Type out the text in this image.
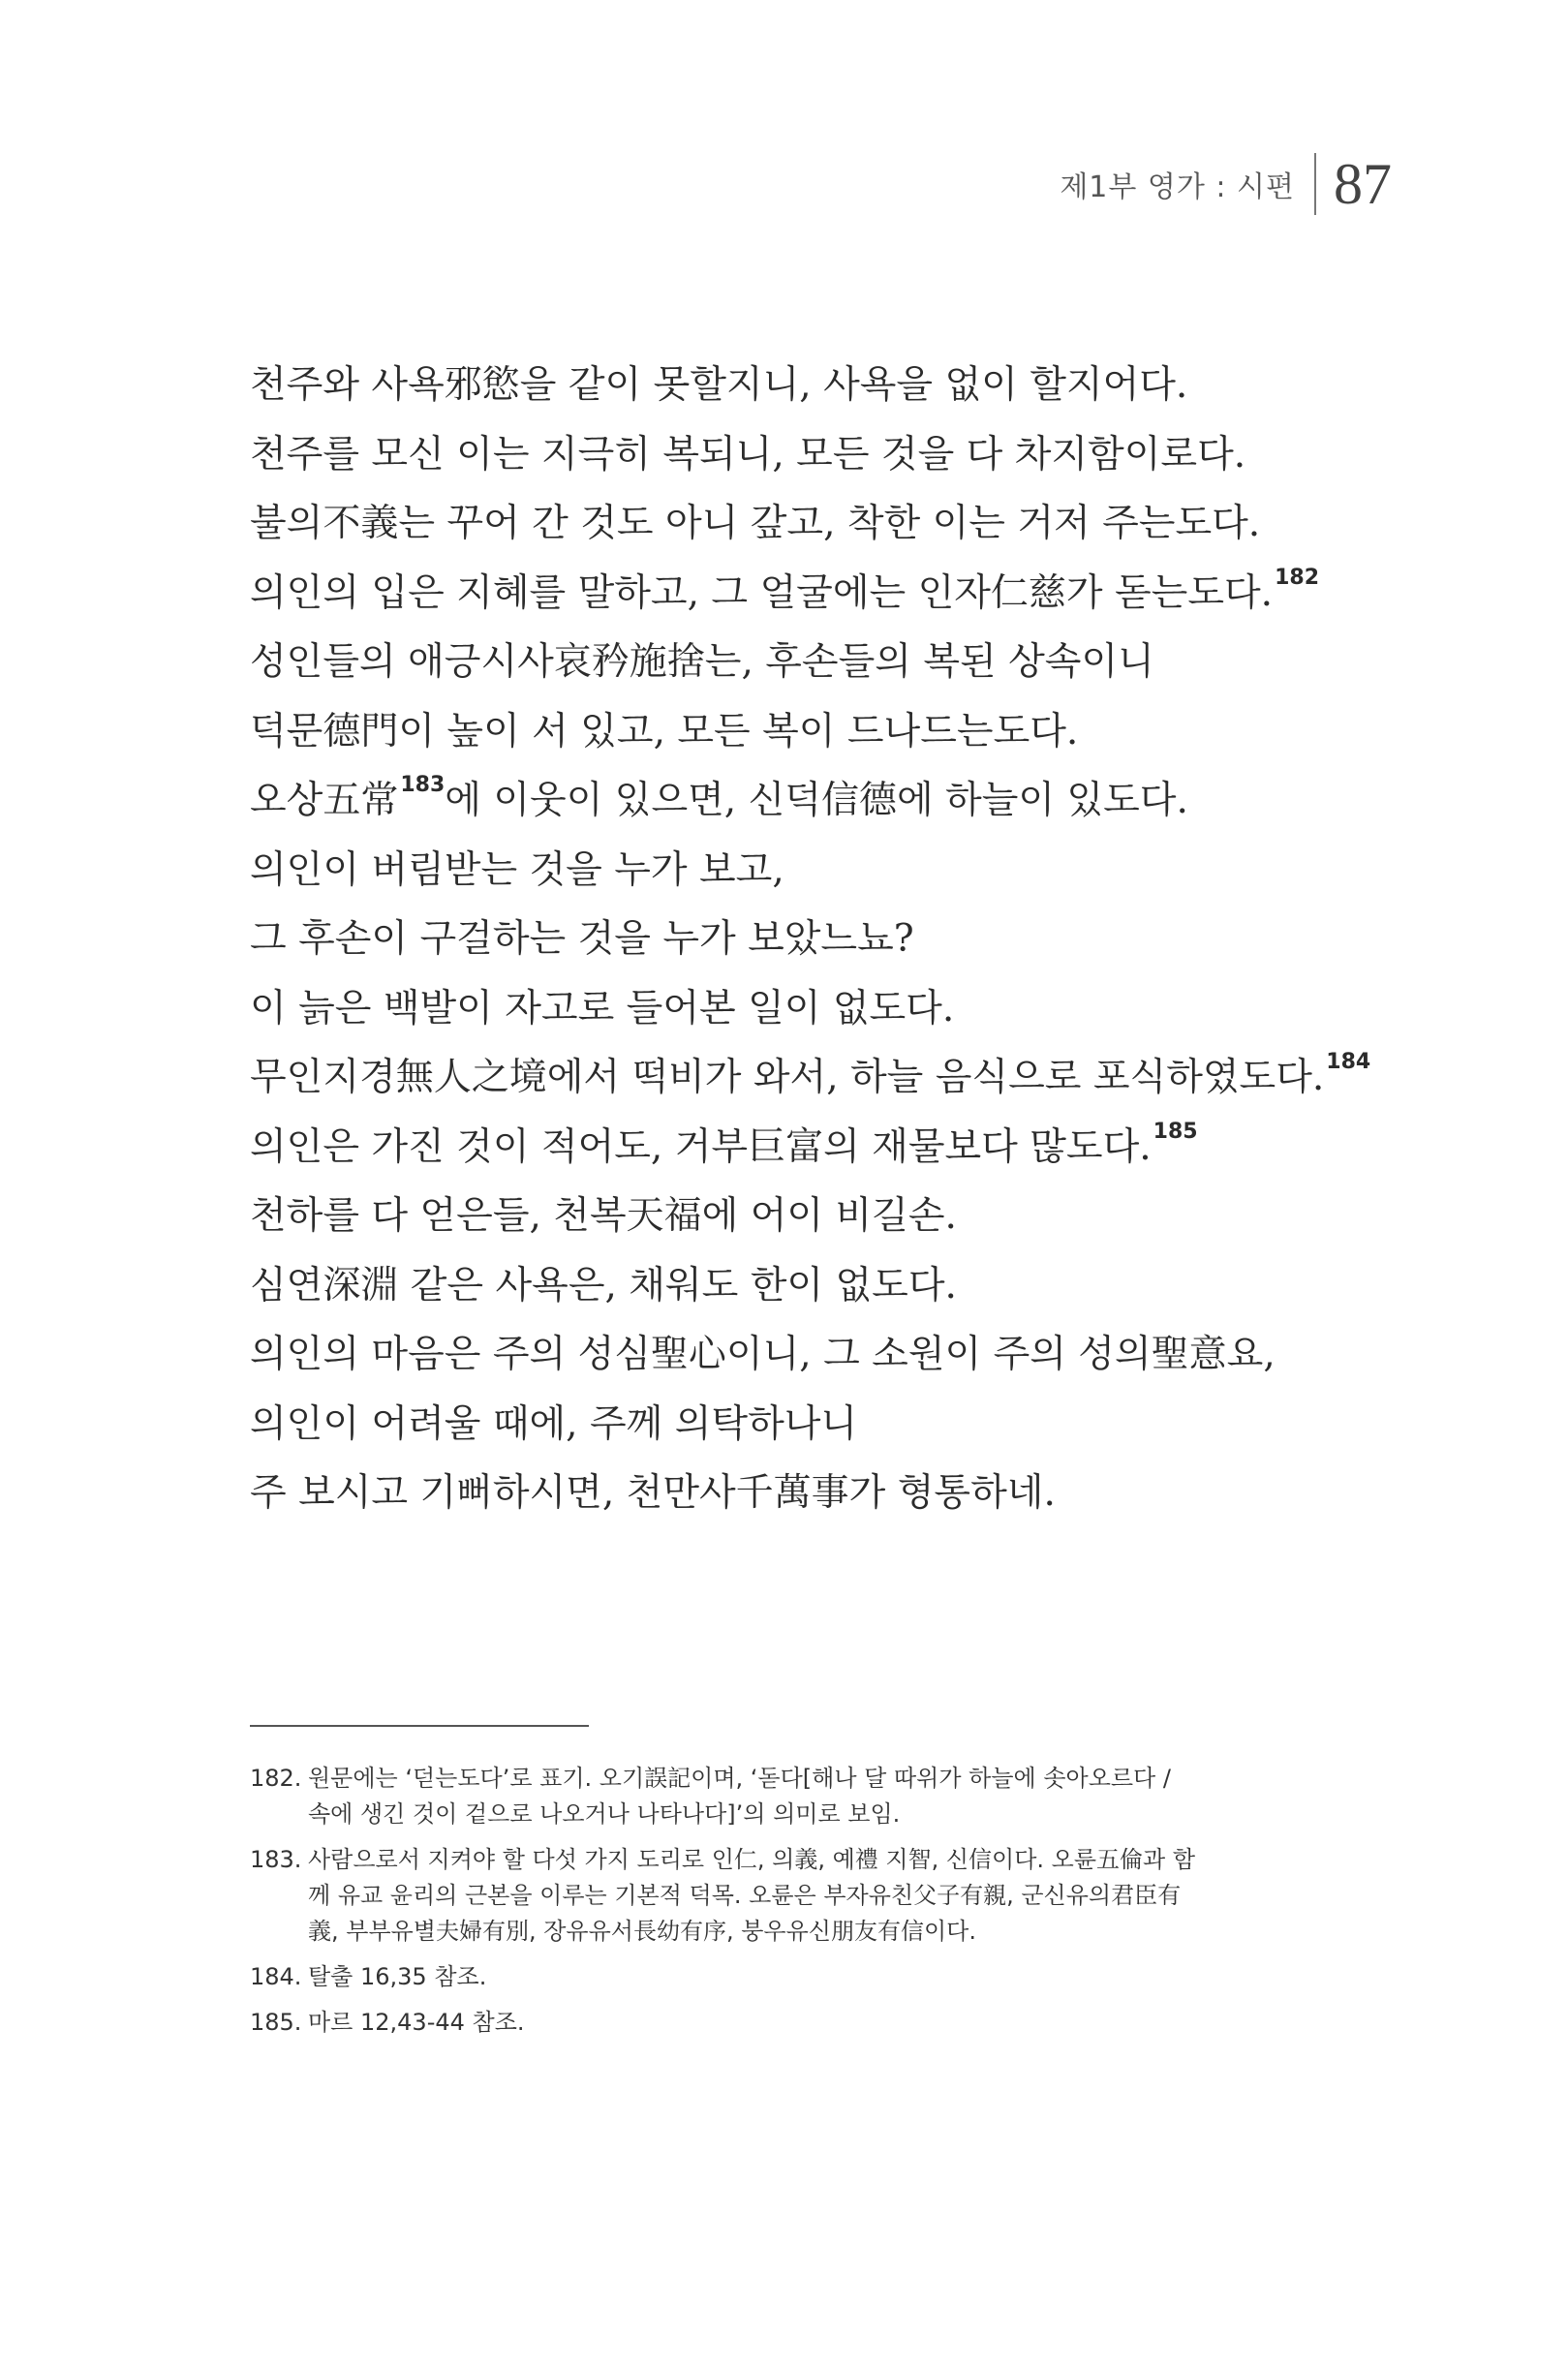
제1부 영가 : 시편 87
천주와 사욕邪慾을 같이 못할지니, 사욕을 없이 할지어다.
천주를 모신 이는 지극히 복되니, 모든 것을 다 차지함이로다.
불의不義는 꾸어 간 것도 아니 갚고, 착한 이는 거저 주는도다.
의인의 입은 지혜를 말하고, 그 얼굴에는 인자仁慈가 돋는도다.$^{182}$
성인들의 애긍시사哀矜施捨는, 후손들의 복된 상속이니
덕문德門이 높이 서 있고, 모든 복이 드나드는도다.
오상五常$^{183}$에 이웃이 있으면, 신덕信德에 하늘이 있도다.
의인이 버림받는 것을 누가 보고,
그 후손이 구걸하는 것을 누가 보았느뇨?
이 늙은 백발이 자고로 들어본 일이 없도다.
무인지경無人之境에서 떡비가 와서, 하늘 음식으로 포식하였도다.$^{184}$
의인은 가진 것이 적어도, 거부巨富의 재물보다 많도다.$^{185}$
천하를 다 얻은들, 천복天福에 어이 비길손.
심연深淵 같은 사욕은, 채워도 한이 없도다.
의인의 마음은 주의 성심聖心이니, 그 소원이 주의 성의聖意요,
의인이 어려울 때에, 주께 의탁하나니
주 보시고 기뻐하시면, 천만사千萬事가 형통하네.
182. 원문에는 ‘덛는도다’로 표기. 오기誤記이며, ‘돋다[해나 달 따위가 하늘에 솟아오르다 /
속에 생긴 것이 겉으로 나오거나 나타나다]’의 의미로 보임.
183. 사람으로서 지켜야 할 다섯 가지 도리로 인仁, 의義, 예禮 지智, 신信이다. 오륜五倫과 함
께 유교 윤리의 근본을 이루는 기본적 덕목. 오륜은 부자유친父子有親, 군신유의君臣有
義, 부부유별夫婦有別, 장유유서長幼有序, 붕우유신朋友有信이다.
184. 탈출 16,35 참조.
185. 마르 12,43-44 참조.
